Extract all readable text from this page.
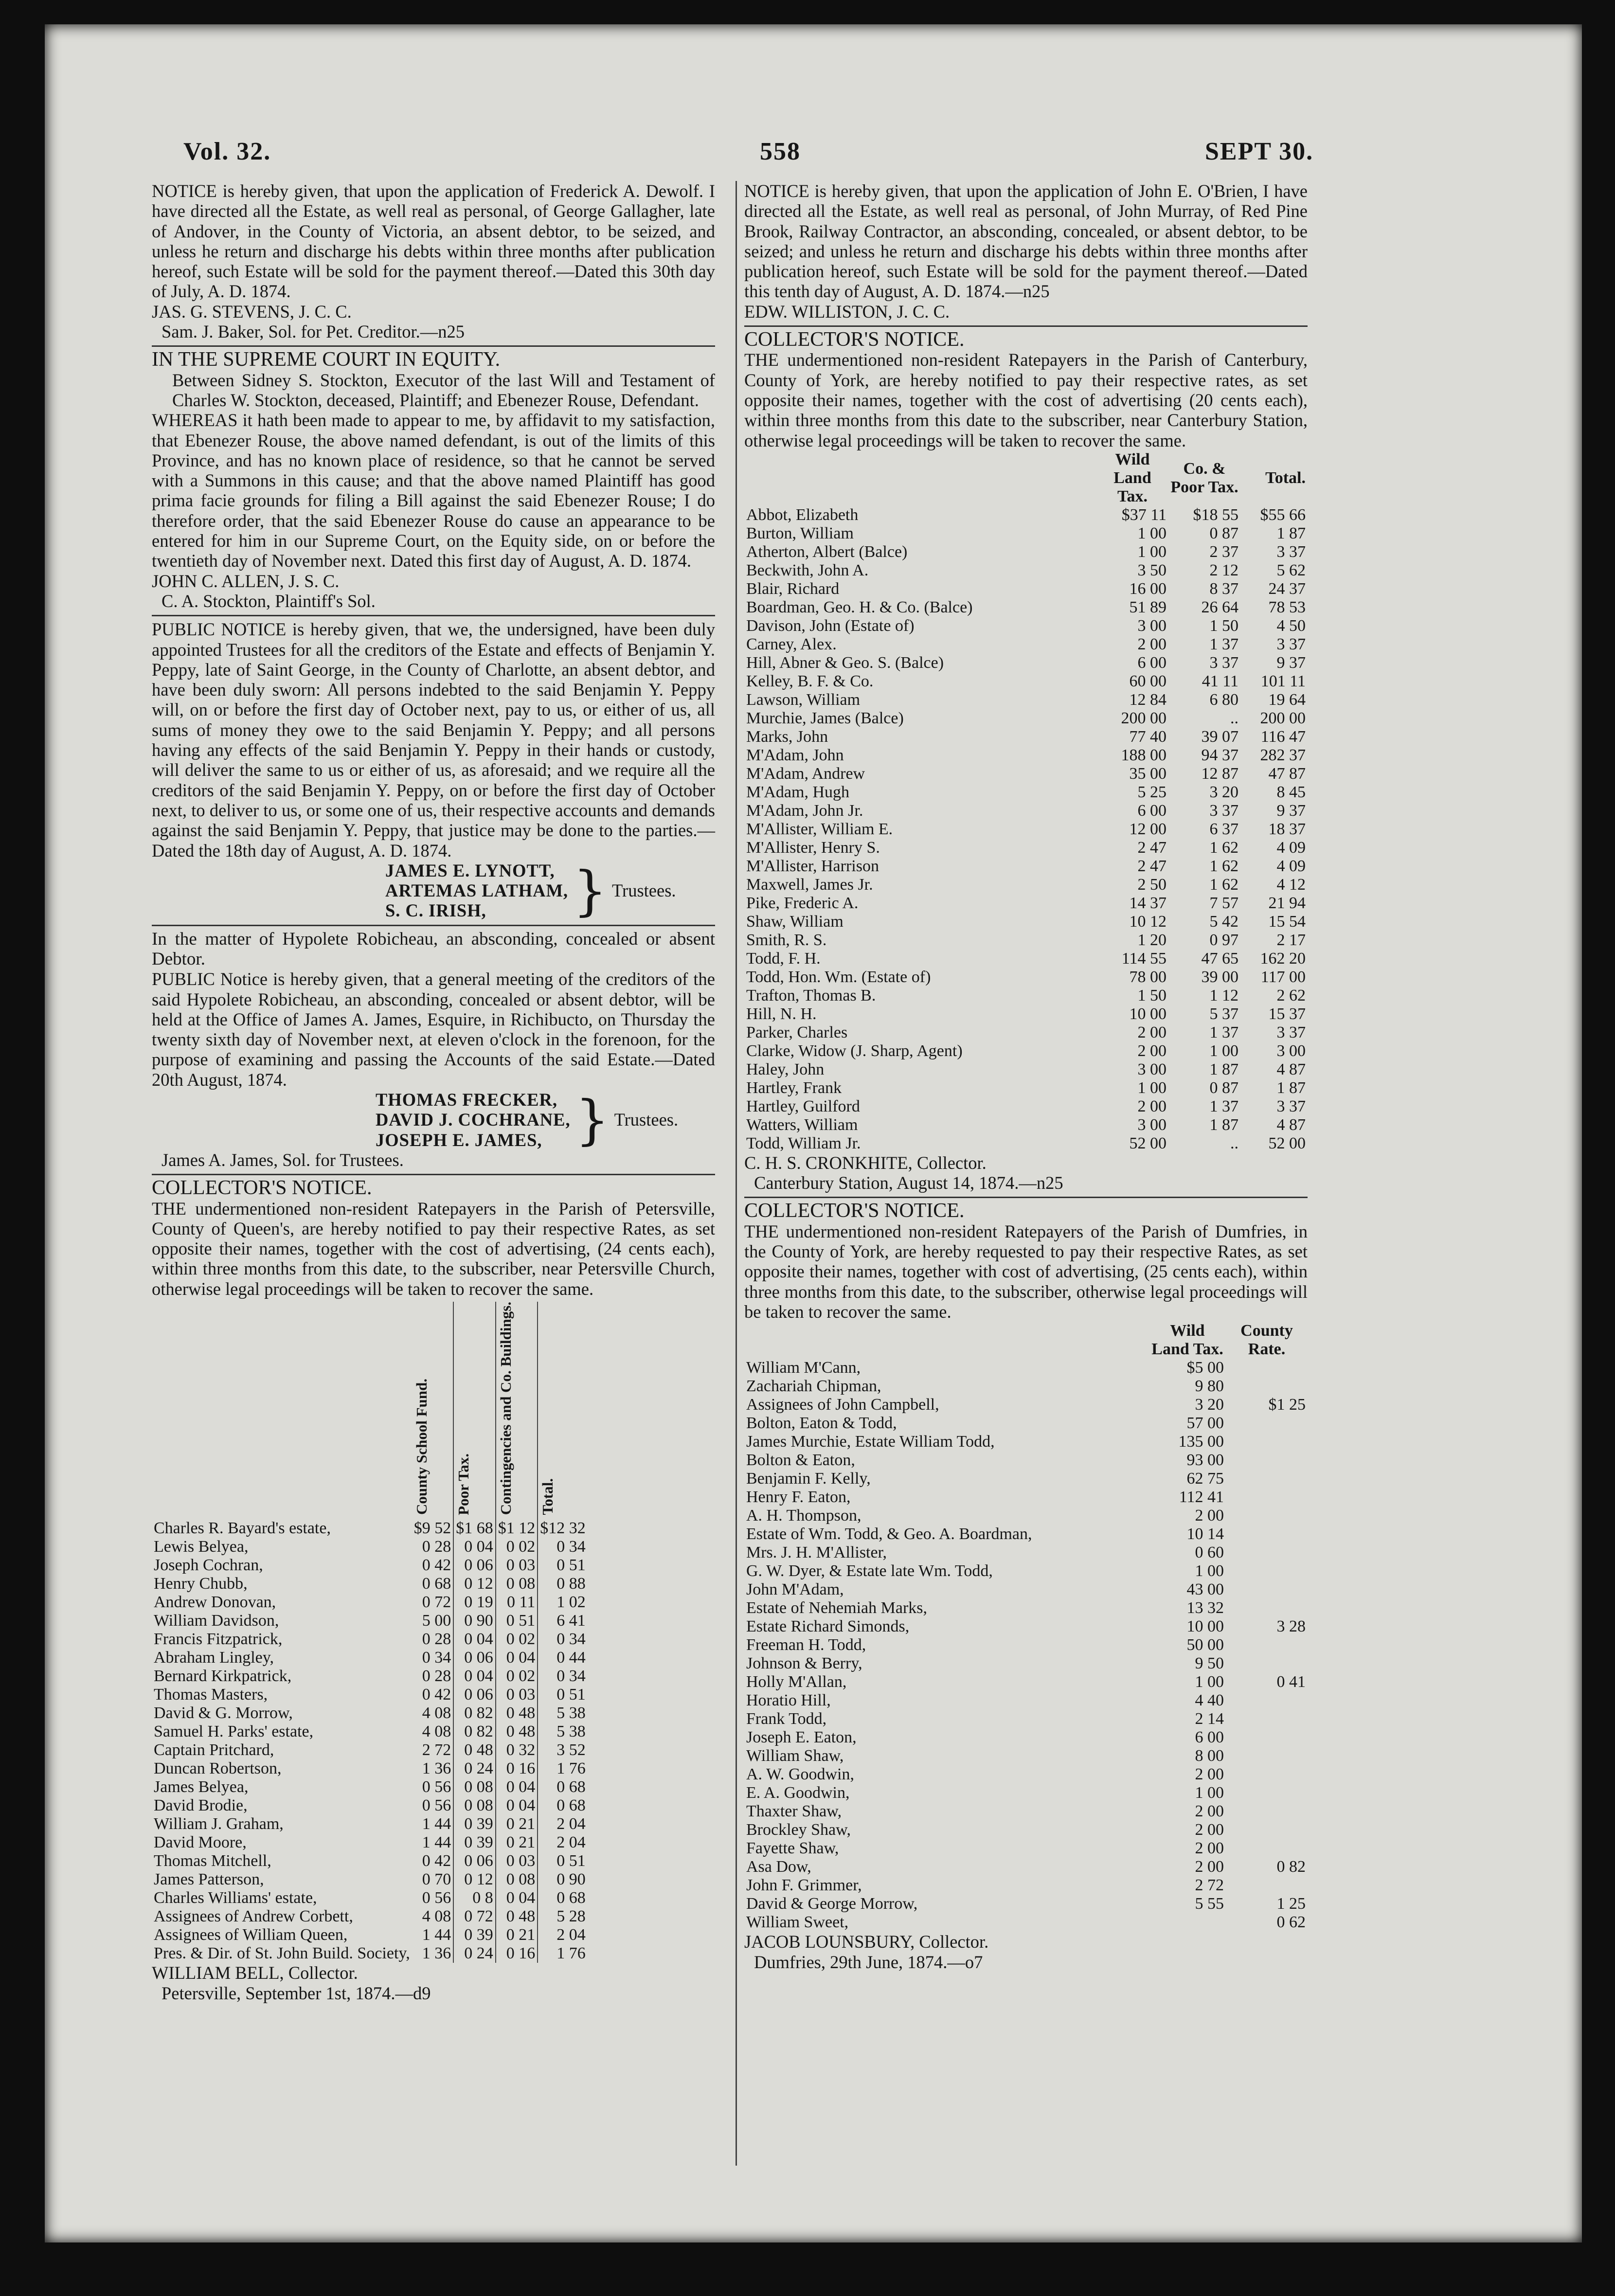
Vol. 32.	558	SEPT 30.

NOTICE is hereby given, that upon the application of Frederick A. Dewolf. I have directed all the Estate, as well real as personal, of George Gallagher, late of Andover, in the County of Victoria, an absent debtor, to be seized, and unless he return and discharge his debts within three months after publication hereof, such Estate will be sold for the payment thereof.—Dated this 30th day of July, A. D. 1874.

JAS. G. STEVENS, J. C. C.

Sam. J. Baker, Sol. for Pet. Creditor.—n25

IN THE SUPREME COURT IN EQUITY.

Between Sidney S. Stockton, Executor of the last Will and Testament of Charles W. Stockton, deceased, Plaintiff; and Ebenezer Rouse, Defendant.

WHEREAS it hath been made to appear to me, by affidavit to my satisfaction, that Ebenezer Rouse, the above named defendant, is out of the limits of this Province, and has no known place of residence, so that he cannot be served with a Summons in this cause; and that the above named Plaintiff has good prima facie grounds for filing a Bill against the said Ebenezer Rouse; I do therefore order, that the said Ebenezer Rouse do cause an appearance to be entered for him in our Supreme Court, on the Equity side, on or before the twentieth day of November next. Dated this first day of August, A. D. 1874.

JOHN C. ALLEN, J. S. C.

C. A. Stockton, Plaintiff's Sol.

PUBLIC NOTICE is hereby given, that we, the undersigned, have been duly appointed Trustees for all the creditors of the Estate and effects of Benjamin Y. Peppy, late of Saint George, in the County of Charlotte, an absent debtor, and have been duly sworn: All persons indebted to the said Benjamin Y. Peppy will, on or before the first day of October next, pay to us, or either of us, all sums of money they owe to the said Benjamin Y. Peppy; and all persons having any effects of the said Benjamin Y. Peppy in their hands or custody, will deliver the same to us or either of us, as aforesaid; and we require all the creditors of the said Benjamin Y. Peppy, on or before the first day of October next, to deliver to us, or some one of us, their respective accounts and demands against the said Benjamin Y. Peppy, that justice may be done to the parties.—Dated the 18th day of August, A. D. 1874.

JAMES E. LYNOTT,
ARTEMAS LATHAM,
S. C. IRISH,	} Trustees.

In the matter of Hypolete Robicheau, an absconding, concealed or absent Debtor.

PUBLIC Notice is hereby given, that a general meeting of the creditors of the said Hypolete Robicheau, an absconding, concealed or absent debtor, will be held at the Office of James A. James, Esquire, in Richibucto, on Thursday the twenty sixth day of November next, at eleven o'clock in the forenoon, for the purpose of examining and passing the Accounts of the said Estate.—Dated 20th August, 1874.

THOMAS FRECKER,
DAVID J. COCHRANE,
JOSEPH E. JAMES, } Trustees.

James A. James, Sol. for Trustees.

COLLECTOR'S NOTICE.

THE undermentioned non-resident Ratepayers in the Parish of Petersville, County of Queen's, are hereby notified to pay their respective Rates, as set opposite their names, together with the cost of advertising, (24 cents each), within three months from this date, to the subscriber, near Petersville Church, otherwise legal proceedings will be taken to recover the same.

	County School Fund.	Poor Tax.	Contingencies and Co. Buildings.	Total.
Charles R. Bayard's estate,	$9 52	$1 68	$1 12	$12 32
Lewis Belyea,	0 28	0 04	0 02	0 34
Joseph Cochran,	0 42	0 06	0 03	0 51
Henry Chubb,	0 68	0 12	0 08	0 88
Andrew Donovan,	0 72	0 19	0 11	1 02
William Davidson,	5 00	0 90	0 51	6 41
Francis Fitzpatrick,	0 28	0 04	0 02	0 34
Abraham Lingley,	0 34	0 06	0 04	0 44
Bernard Kirkpatrick,	0 28	0 04	0 02	0 34
Thomas Masters,	0 42	0 06	0 03	0 51
David & G. Morrow,	4 08	0 82	0 48	5 38
Samuel H. Parks' estate,	4 08	0 82	0 48	5 38
Captain Pritchard,	2 72	0 48	0 32	3 52
Duncan Robertson,	1 36	0 24	0 16	1 76
James Belyea,	0 56	0 08	0 04	0 68
David Brodie,	0 56	0 08	0 04	0 68
William J. Graham,	1 44	0 39	0 21	2 04
David Moore,	1 44	0 39	0 21	2 04
Thomas Mitchell,	0 42	0 06	0 03	0 51
James Patterson,	0 70	0 12	0 08	0 90
Charles Williams' estate,	0 56	0 8	0 04	0 68
Assignees of Andrew Corbett,	4 08	0 72	0 48	5 28
Assignees of William Queen,	1 44	0 39	0 21	2 04
Pres. & Dir. of St. John Build. Society,	1 36	0 24	0 16	1 76

WILLIAM BELL, Collector.

Petersville, September 1st, 1874.—d9

NOTICE is hereby given, that upon the application of John E. O'Brien, I have directed all the Estate, as well real as personal, of John Murray, of Red Pine Brook, Railway Contractor, an absconding, concealed, or absent debtor, to be seized; and unless he return and discharge his debts within three months after publication hereof, such Estate will be sold for the payment thereof.—Dated this tenth day of August, A. D. 1874.—n25

EDW. WILLISTON, J. C. C.

COLLECTOR'S NOTICE.

THE undermentioned non-resident Ratepayers in the Parish of Canterbury, County of York, are hereby notified to pay their respective rates, as set opposite their names, together with the cost of advertising (20 cents each), within three months from this date to the subscriber, near Canterbury Station, otherwise legal proceedings will be taken to recover the same.

	Wild Land Tax.	Co. & Poor Tax.	Total.
Abbot, Elizabeth	$37 11	$18 55	$55 66
Burton, William	1 00	0 87	1 87
Atherton, Albert (Balce)	1 00	2 37	3 37
Beckwith, John A.	3 50	2 12	5 62
Blair, Richard	16 00	8 37	24 37
Boardman, Geo. H. & Co. (Balce)	51 89	26 64	78 53
Davison, John (Estate of)	3 00	1 50	4 50
Carney, Alex.	2 00	1 37	3 37
Hill, Abner & Geo. S. (Balce)	6 00	3 37	9 37
Kelley, B. F. & Co.	60 00	41 11	101 11
Lawson, William	12 84	6 80	19 64
Murchie, James (Balce)	200 00	..	200 00
Marks, John	77 40	39 07	116 47
M'Adam, John	188 00	94 37	282 37
M'Adam, Andrew	35 00	12 87	47 87
M'Adam, Hugh	5 25	3 20	8 45
M'Adam, John Jr.	6 00	3 37	9 37
M'Allister, William E.	12 00	6 37	18 37
M'Allister, Henry S.	2 47	1 62	4 09
M'Allister, Harrison	2 47	1 62	4 09
Maxwell, James Jr.	2 50	1 62	4 12
Pike, Frederic A.	14 37	7 57	21 94
Shaw, William	10 12	5 42	15 54
Smith, R. S.	1 20	0 97	2 17
Todd, F. H.	114 55	47 65	162 20
Todd, Hon. Wm. (Estate of)	78 00	39 00	117 00
Trafton, Thomas B.	1 50	1 12	2 62
Hill, N. H.	10 00	5 37	15 37
Parker, Charles	2 00	1 37	3 37
Clarke, Widow (J. Sharp, Agent)	2 00	1 00	3 00
Haley, John	3 00	1 87	4 87
Hartley, Frank	1 00	0 87	1 87
Hartley, Guilford	2 00	1 37	3 37
Watters, William	3 00	1 87	4 87
Todd, William Jr.	52 00	..	52 00

C. H. S. CRONKHITE, Collector.

Canterbury Station, August 14, 1874.—n25

COLLECTOR'S NOTICE.

THE undermentioned non-resident Ratepayers of the Parish of Dumfries, in the County of York, are hereby requested to pay their respective Rates, as set opposite their names, together with cost of advertising, (25 cents each), within three months from this date, to the subscriber, otherwise legal proceedings will be taken to recover the same.

	Wild Land Tax.	County Rate.
William M'Cann,	$5 00	
Zachariah Chipman,	9 80	
Assignees of John Campbell,	3 20	$1 25
Bolton, Eaton & Todd,	57 00	
James Murchie, Estate William Todd,	135 00	
Bolton & Eaton,	93 00	
Benjamin F. Kelly,	62 75	
Henry F. Eaton,	112 41	
A. H. Thompson,	2 00	
Estate of Wm. Todd, & Geo. A. Boardman,	10 14	
Mrs. J. H. M'Allister,	0 60	
G. W. Dyer, & Estate late Wm. Todd,	1 00	
John M'Adam,	43 00	
Estate of Nehemiah Marks,	13 32	
Estate Richard Simonds,	10 00	3 28
Freeman H. Todd,	50 00	
Johnson & Berry,	9 50	
Holly M'Allan,	1 00	0 41
Horatio Hill,	4 40	
Frank Todd,	2 14	
Joseph E. Eaton,	6 00	
William Shaw,	8 00	
A. W. Goodwin,	2 00	
E. A. Goodwin,	1 00	
Thaxter Shaw,	2 00	
Brockley Shaw,	2 00	
Fayette Shaw,	2 00	
Asa Dow,	2 00	0 82
John F. Grimmer,	2 72	
David & George Morrow,	5 55	1 25
William Sweet,		0 62

JACOB LOUNSBURY, Collector.

Dumfries, 29th June, 1874.—o7
